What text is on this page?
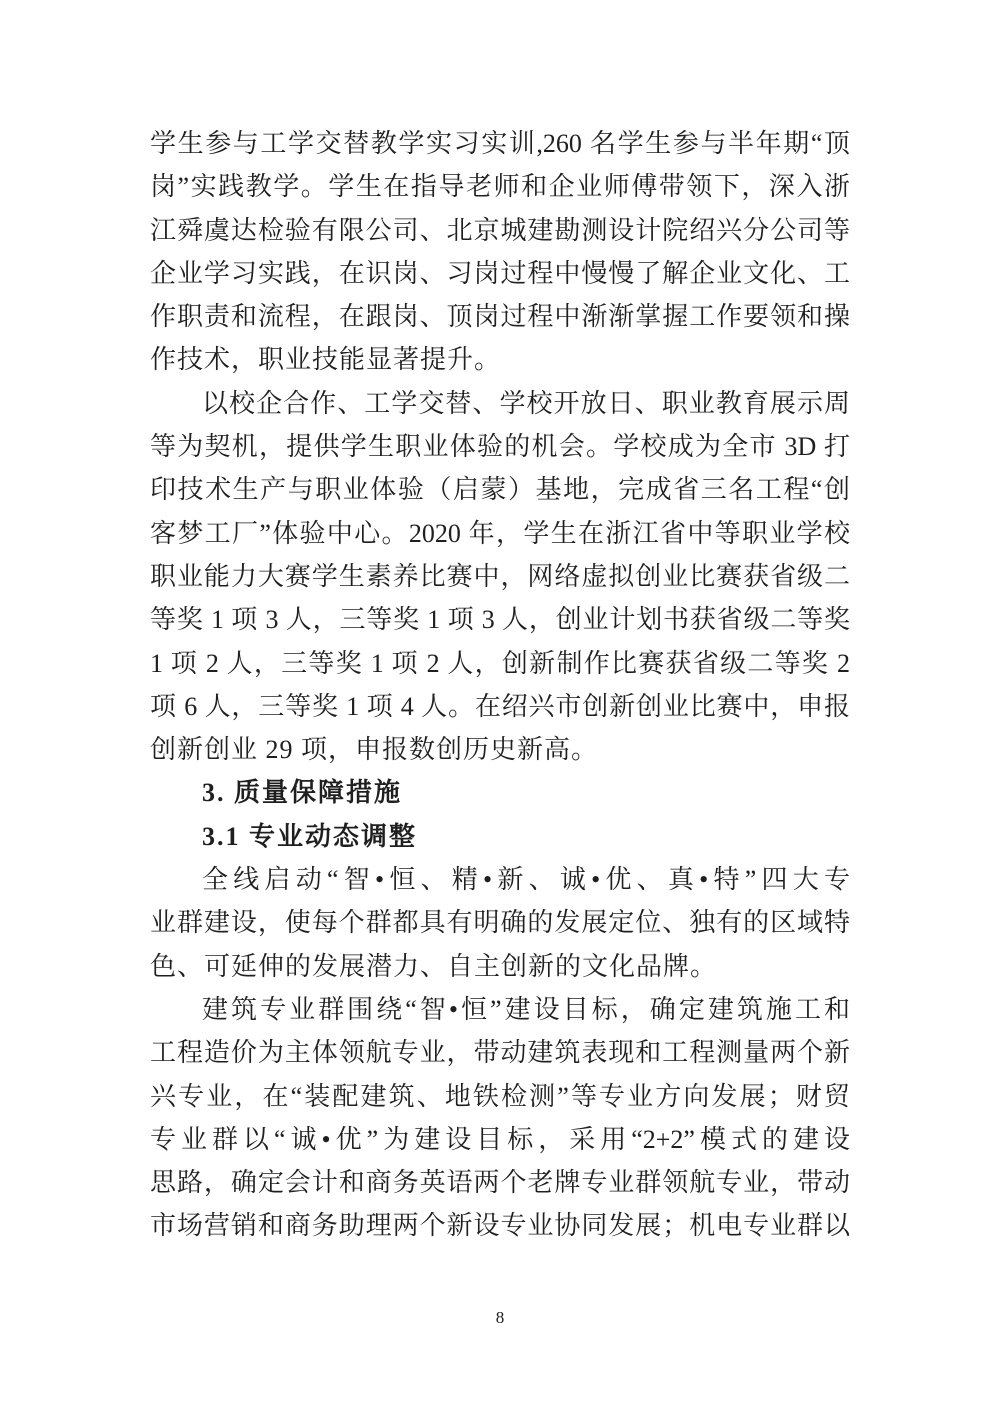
学生参与工学交替教学实习实训,260 名学生参与半年期“顶
岗”实践教学。学生在指导老师和企业师傅带领下，深入浙
江舜虞达检验有限公司、北京城建勘测设计院绍兴分公司等
企业学习实践，在识岗、习岗过程中慢慢了解企业文化、工
作职责和流程，在跟岗、顶岗过程中渐渐掌握工作要领和操
作技术，职业技能显著提升。
以校企合作、工学交替、学校开放日、职业教育展示周
等为契机，提供学生职业体验的机会。学校成为全市 3D 打
印技术生产与职业体验（启蒙）基地，完成省三名工程“创
客梦工厂”体验中心。2020 年，学生在浙江省中等职业学校
职业能力大赛学生素养比赛中，网络虚拟创业比赛获省级二
等奖 1 项 3 人，三等奖 1 项 3 人，创业计划书获省级二等奖
1 项 2 人，三等奖 1 项 2 人，创新制作比赛获省级二等奖 2
项 6 人，三等奖 1 项 4 人。在绍兴市创新创业比赛中，申报
创新创业 29 项，申报数创历史新高。
3. 质量保障措施
3.1 专业动态调整
全线启动“智•恒、精•新、诚•优、真•特”四大专
业群建设，使每个群都具有明确的发展定位、独有的区域特
色、可延伸的发展潜力、自主创新的文化品牌。
建筑专业群围绕“智•恒”建设目标，确定建筑施工和
工程造价为主体领航专业，带动建筑表现和工程测量两个新
兴专业，在“装配建筑、地铁检测”等专业方向发展；财贸
专业群以“诚•优”为建设目标，采用“2+2”模式的建设
思路，确定会计和商务英语两个老牌专业群领航专业，带动
市场营销和商务助理两个新设专业协同发展；机电专业群以
8
